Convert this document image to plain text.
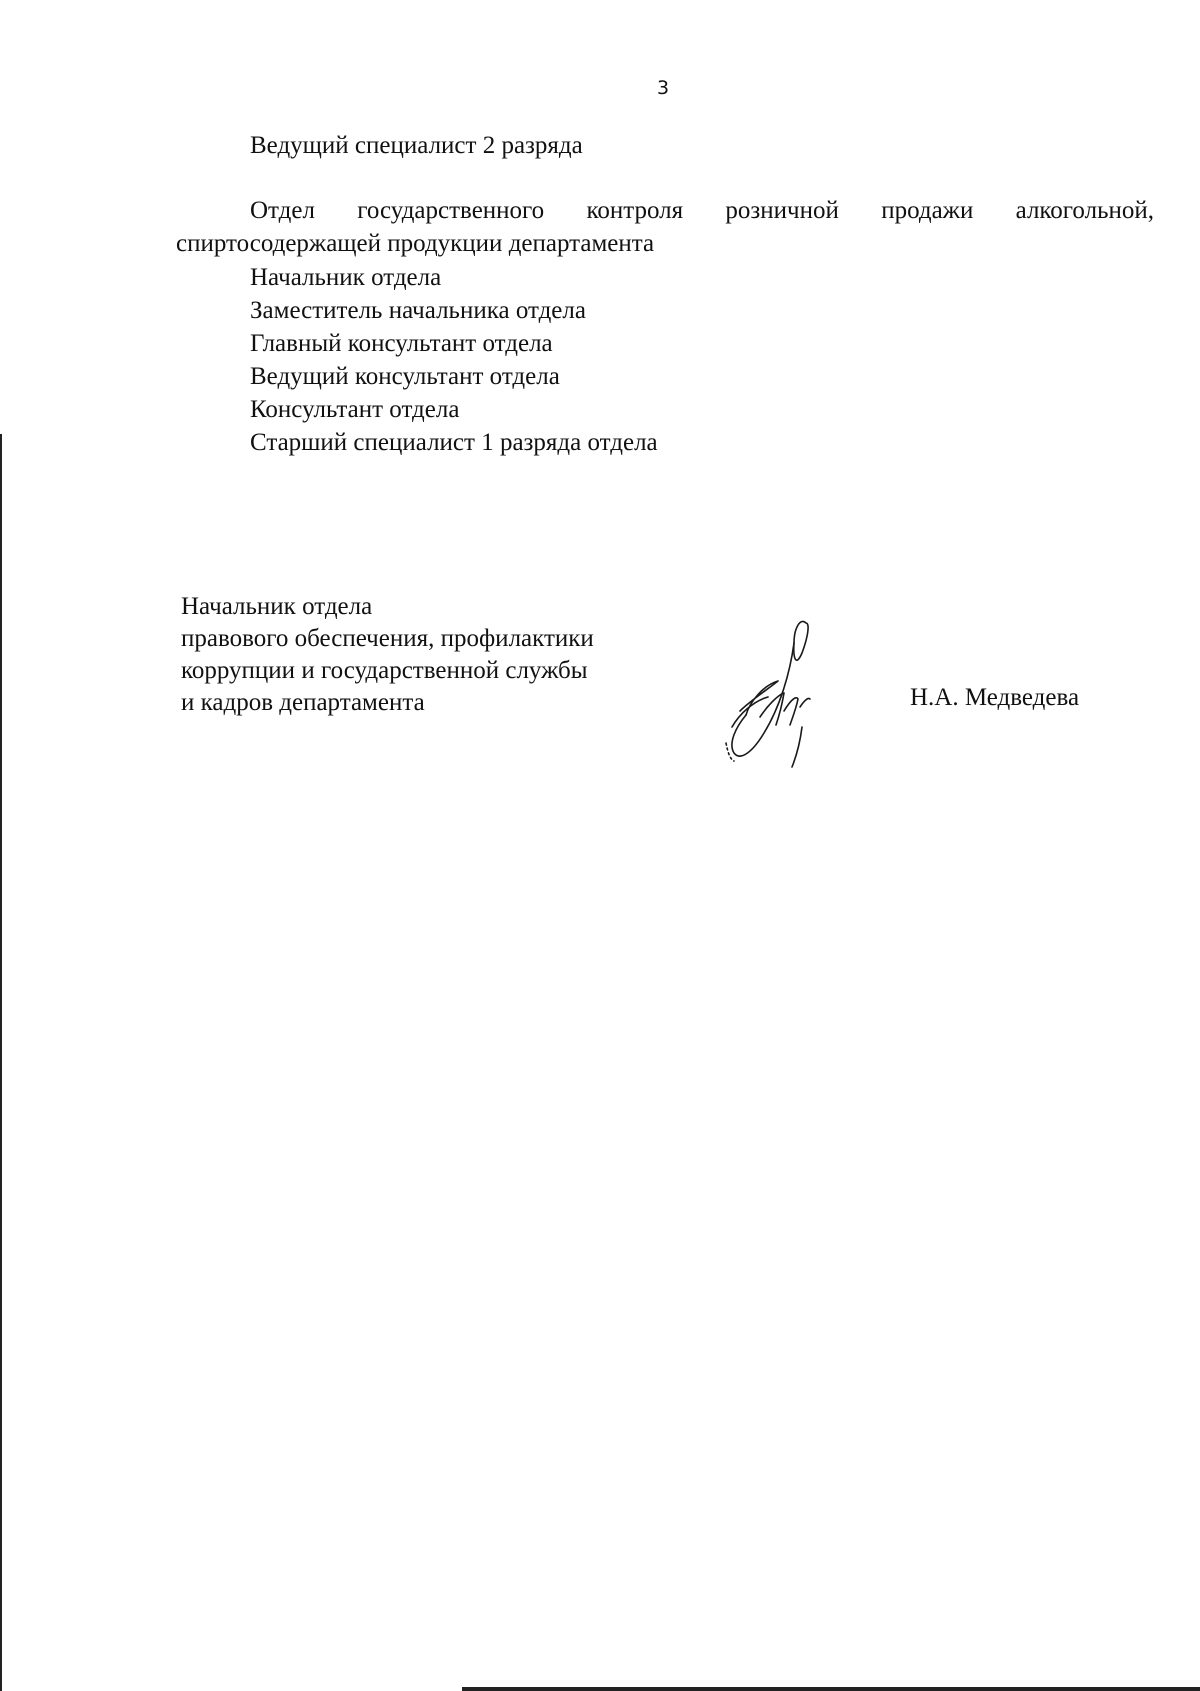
3
Ведущий специалист 2 разряда
Отдел государственного контроля розничной продажи алкогольной,
спиртосодержащей продукции департамента
Начальник отдела
Заместитель начальника отдела
Главный консультант отдела
Ведущий консультант отдела
Консультант отдела
Старший специалист 1 разряда отдела
Начальник отдела
правового обеспечения, профилактики
коррупции и государственной службы
и кадров департамента	Н.А. Медведева
